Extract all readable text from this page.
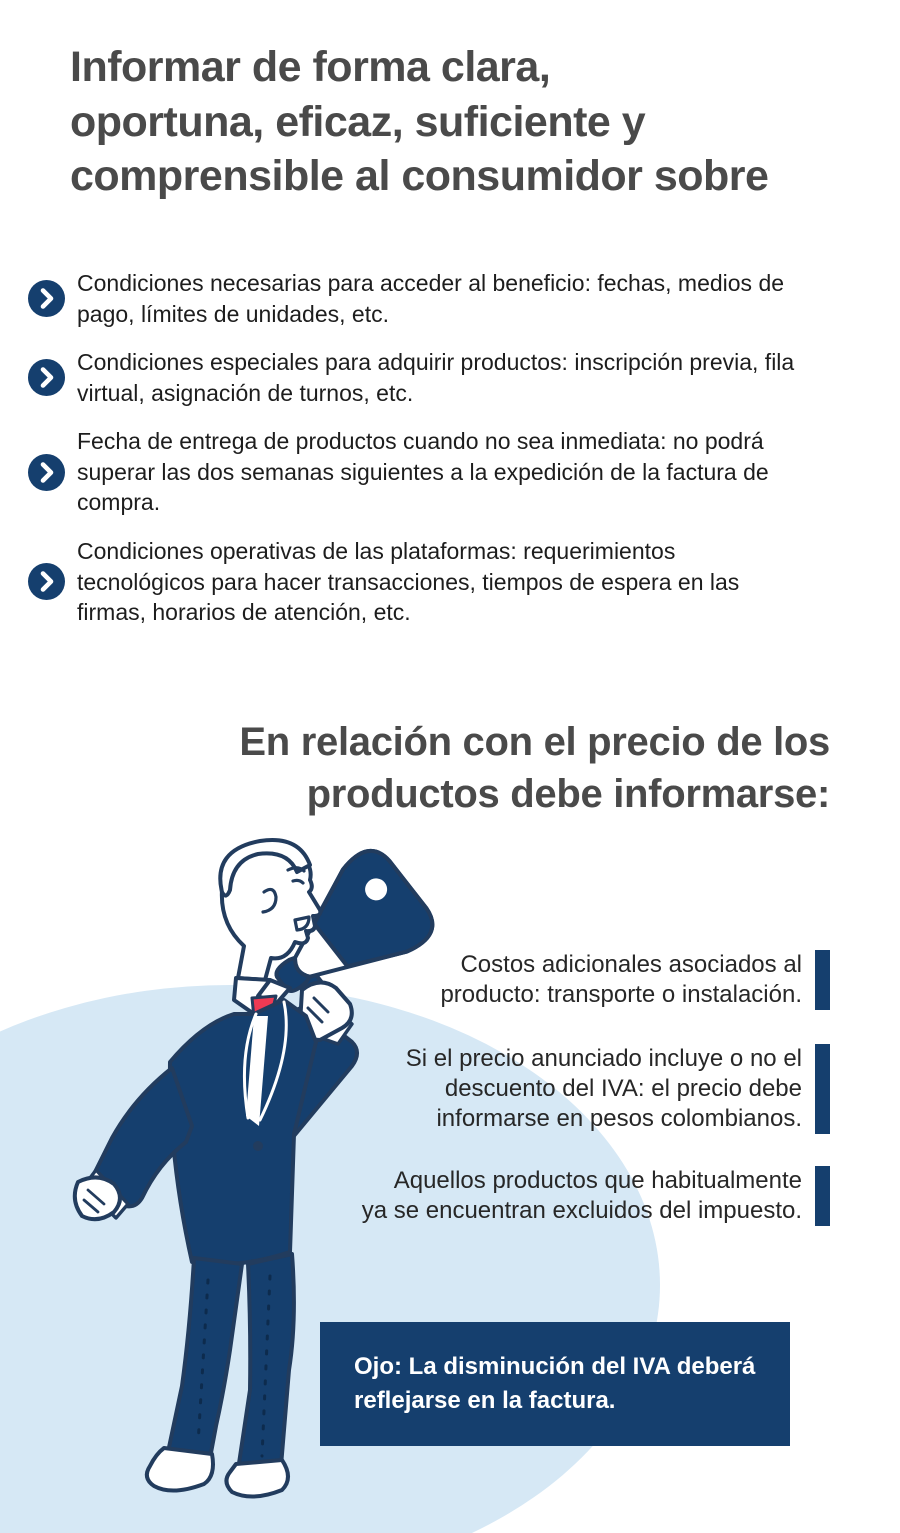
Informar de forma clara,
oportuna, eficaz, suficiente y
comprensible al consumidor sobre
Condiciones necesarias para acceder al beneficio: fechas, medios de pago, límites de unidades, etc.
Condiciones especiales para adquirir productos: inscripción previa, fila virtual, asignación de turnos, etc.
Fecha de entrega de productos cuando no sea inmediata: no podrá superar las dos semanas siguientes a la expedición de la factura de compra.
Condiciones operativas de las plataformas: requerimientos tecnológicos para hacer transacciones, tiempos de espera en las firmas, horarios de atención, etc.
En relación con el precio de los
productos debe informarse:
Costos adicionales asociados al
producto: transporte o instalación.
Si el precio anunciado incluye o no el
descuento del IVA: el precio debe
informarse en pesos colombianos.
Aquellos productos que habitualmente
ya se encuentran excluidos del impuesto.
Ojo: La disminución del IVA deberá
reflejarse en la factura.
